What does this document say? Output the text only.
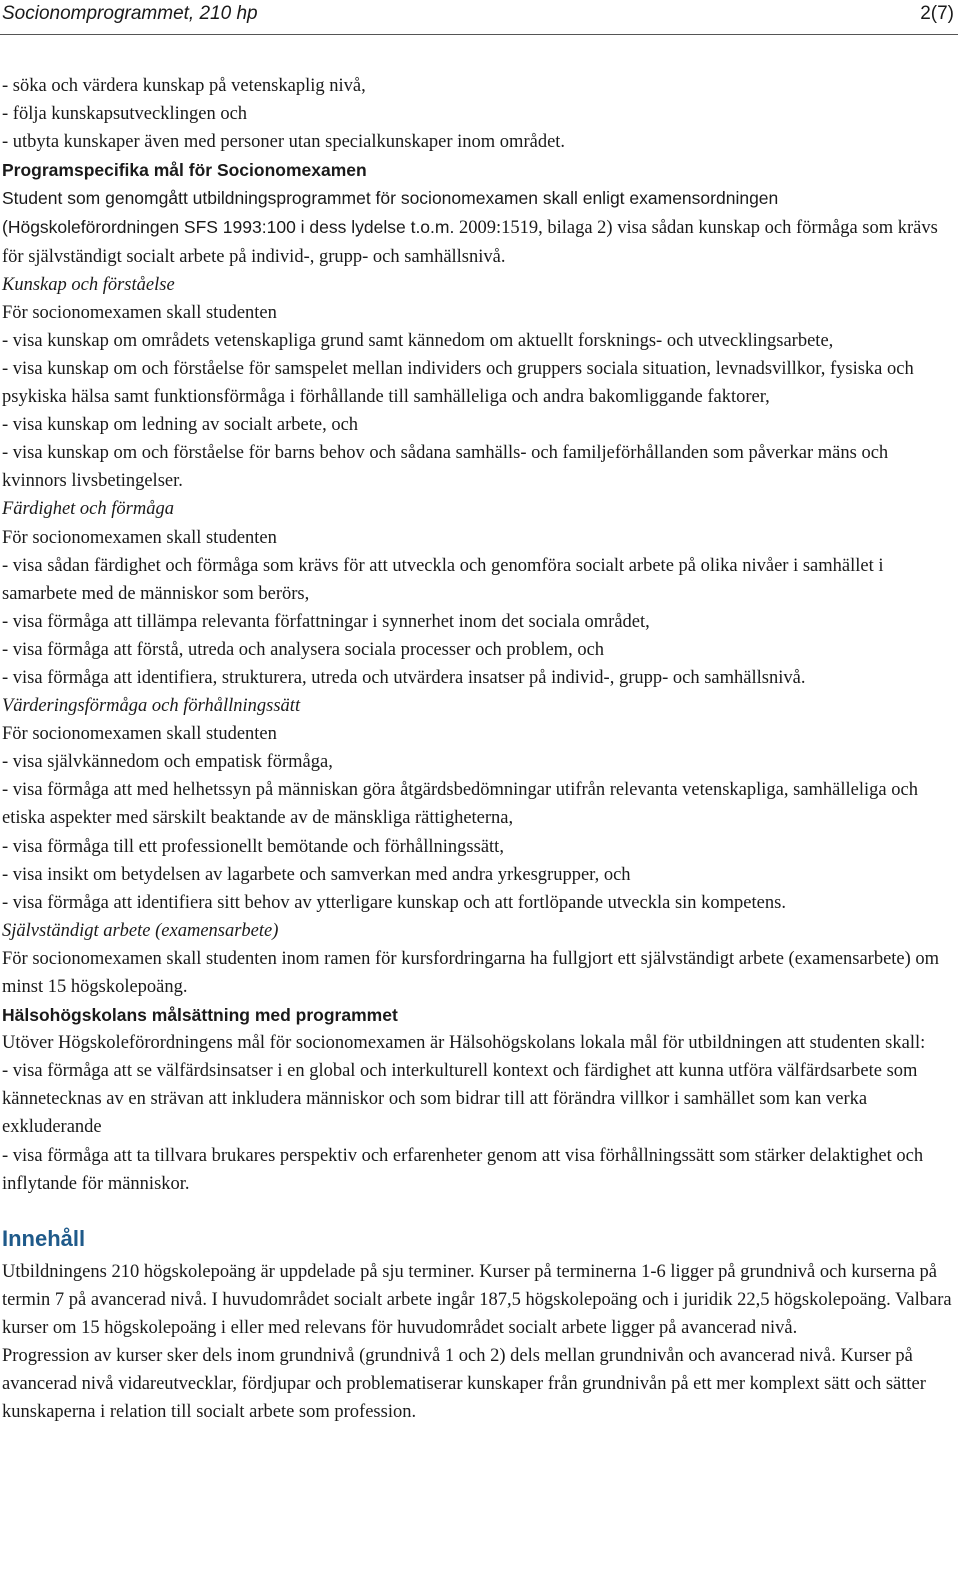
Socionomprogrammet, 210 hp	2(7)

- söka och värdera kunskap på vetenskaplig nivå,

- följa kunskapsutvecklingen och

- utbyta kunskaper även med personer utan specialkunskaper inom området.

Programspecifika mål för Socionomexamen

Student som genomgått utbildningsprogrammet för socionomexamen skall enligt examensordningen (Högskoleförordningen SFS 1993:100 i dess lydelse t.o.m. 2009:1519, bilaga 2) visa sådan kunskap och förmåga som krävs för självständigt socialt arbete på individ-, grupp- och samhällsnivå.

Kunskap och förståelse

För socionomexamen skall studenten

- visa kunskap om områdets vetenskapliga grund samt kännedom om aktuellt forsknings- och utvecklingsarbete,

- visa kunskap om och förståelse för samspelet mellan individers och gruppers sociala situation, levnadsvillkor, fysiska och psykiska hälsa samt funktionsförmåga i förhållande till samhälleliga och andra bakomliggande faktorer,

- visa kunskap om ledning av socialt arbete, och

- visa kunskap om och förståelse för barns behov och sådana samhälls- och familjeförhållanden som påverkar mäns och kvinnors livsbetingelser.

Färdighet och förmåga

För socionomexamen skall studenten

- visa sådan färdighet och förmåga som krävs för att utveckla och genomföra socialt arbete på olika nivåer i samhället i samarbete med de människor som berörs,

- visa förmåga att tillämpa relevanta författningar i synnerhet inom det sociala området,

- visa förmåga att förstå, utreda och analysera sociala processer och problem, och

- visa förmåga att identifiera, strukturera, utreda och utvärdera insatser på individ-, grupp- och samhällsnivå.

Värderingsförmåga och förhållningssätt

För socionomexamen skall studenten

- visa självkännedom och empatisk förmåga,

- visa förmåga att med helhetssyn på människan göra åtgärdsbedömningar utifrån relevanta vetenskapliga, samhälleliga och etiska aspekter med särskilt beaktande av de mänskliga rättigheterna,

- visa förmåga till ett professionellt bemötande och förhållningssätt,

- visa insikt om betydelsen av lagarbete och samverkan med andra yrkesgrupper, och

- visa förmåga att identifiera sitt behov av ytterligare kunskap och att fortlöpande utveckla sin kompetens.

Självständigt arbete (examensarbete)

För socionomexamen skall studenten inom ramen för kursfordringarna ha fullgjort ett självständigt arbete (examensarbete) om minst 15 högskolepoäng.

Hälsohögskolans målsättning med programmet

Utöver Högskoleförordningens mål för socionomexamen är Hälsohögskolans lokala mål för utbildningen att studenten skall:

- visa förmåga att se välfärdsinsatser i en global och interkulturell kontext och färdighet att kunna utföra välfärdsarbete som kännetecknas av en strävan att inkludera människor och som bidrar till att förändra villkor i samhället som kan verka exkluderande

- visa förmåga att ta tillvara brukares perspektiv och erfarenheter genom att visa förhållningssätt som stärker delaktighet och inflytande för människor.

Innehåll

Utbildningens 210 högskolepoäng är uppdelade på sju terminer. Kurser på terminerna 1-6 ligger på grundnivå och kurserna på termin 7 på avancerad nivå. I huvudområdet socialt arbete ingår 187,5 högskolepoäng och i juridik 22,5 högskolepoäng. Valbara kurser om 15 högskolepoäng i eller med relevans för huvudområdet socialt arbete ligger på avancerad nivå.

Progression av kurser sker dels inom grundnivå (grundnivå 1 och 2) dels mellan grundnivån och avancerad nivå. Kurser på avancerad nivå vidareutvecklar, fördjupar och problematiserar kunskaper från grundnivån på ett mer komplext sätt och sätter kunskaperna i relation till socialt arbete som profession.
